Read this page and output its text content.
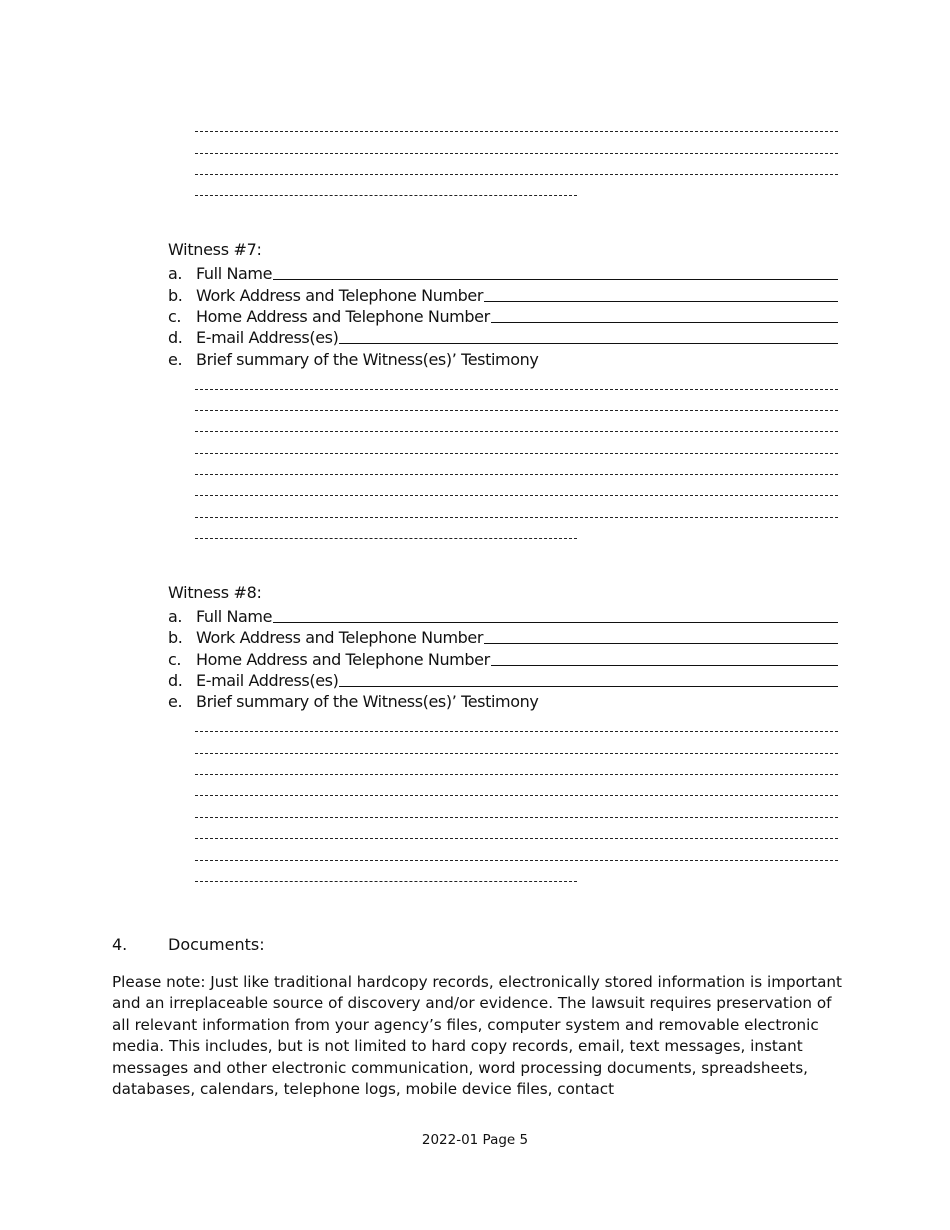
Witness #7:
a. Full Name
b. Work Address and Telephone Number
c. Home Address and Telephone Number
d. E-mail Address(es)
e. Brief summary of the Witness(es)’ Testimony
Witness #8:
a. Full Name
b. Work Address and Telephone Number
c. Home Address and Telephone Number
d. E-mail Address(es)
e. Brief summary of the Witness(es)’ Testimony
4.	Documents:
Please note: Just like traditional hardcopy records, electronically stored information is important and an irreplaceable source of discovery and/or evidence. The lawsuit requires preservation of all relevant information from your agency’s files, computer system and removable electronic media. This includes, but is not limited to hard copy records, email, text messages, instant messages and other electronic communication, word processing documents, spreadsheets, databases, calendars, telephone logs, mobile device files, contact
2022-01 Page 5
